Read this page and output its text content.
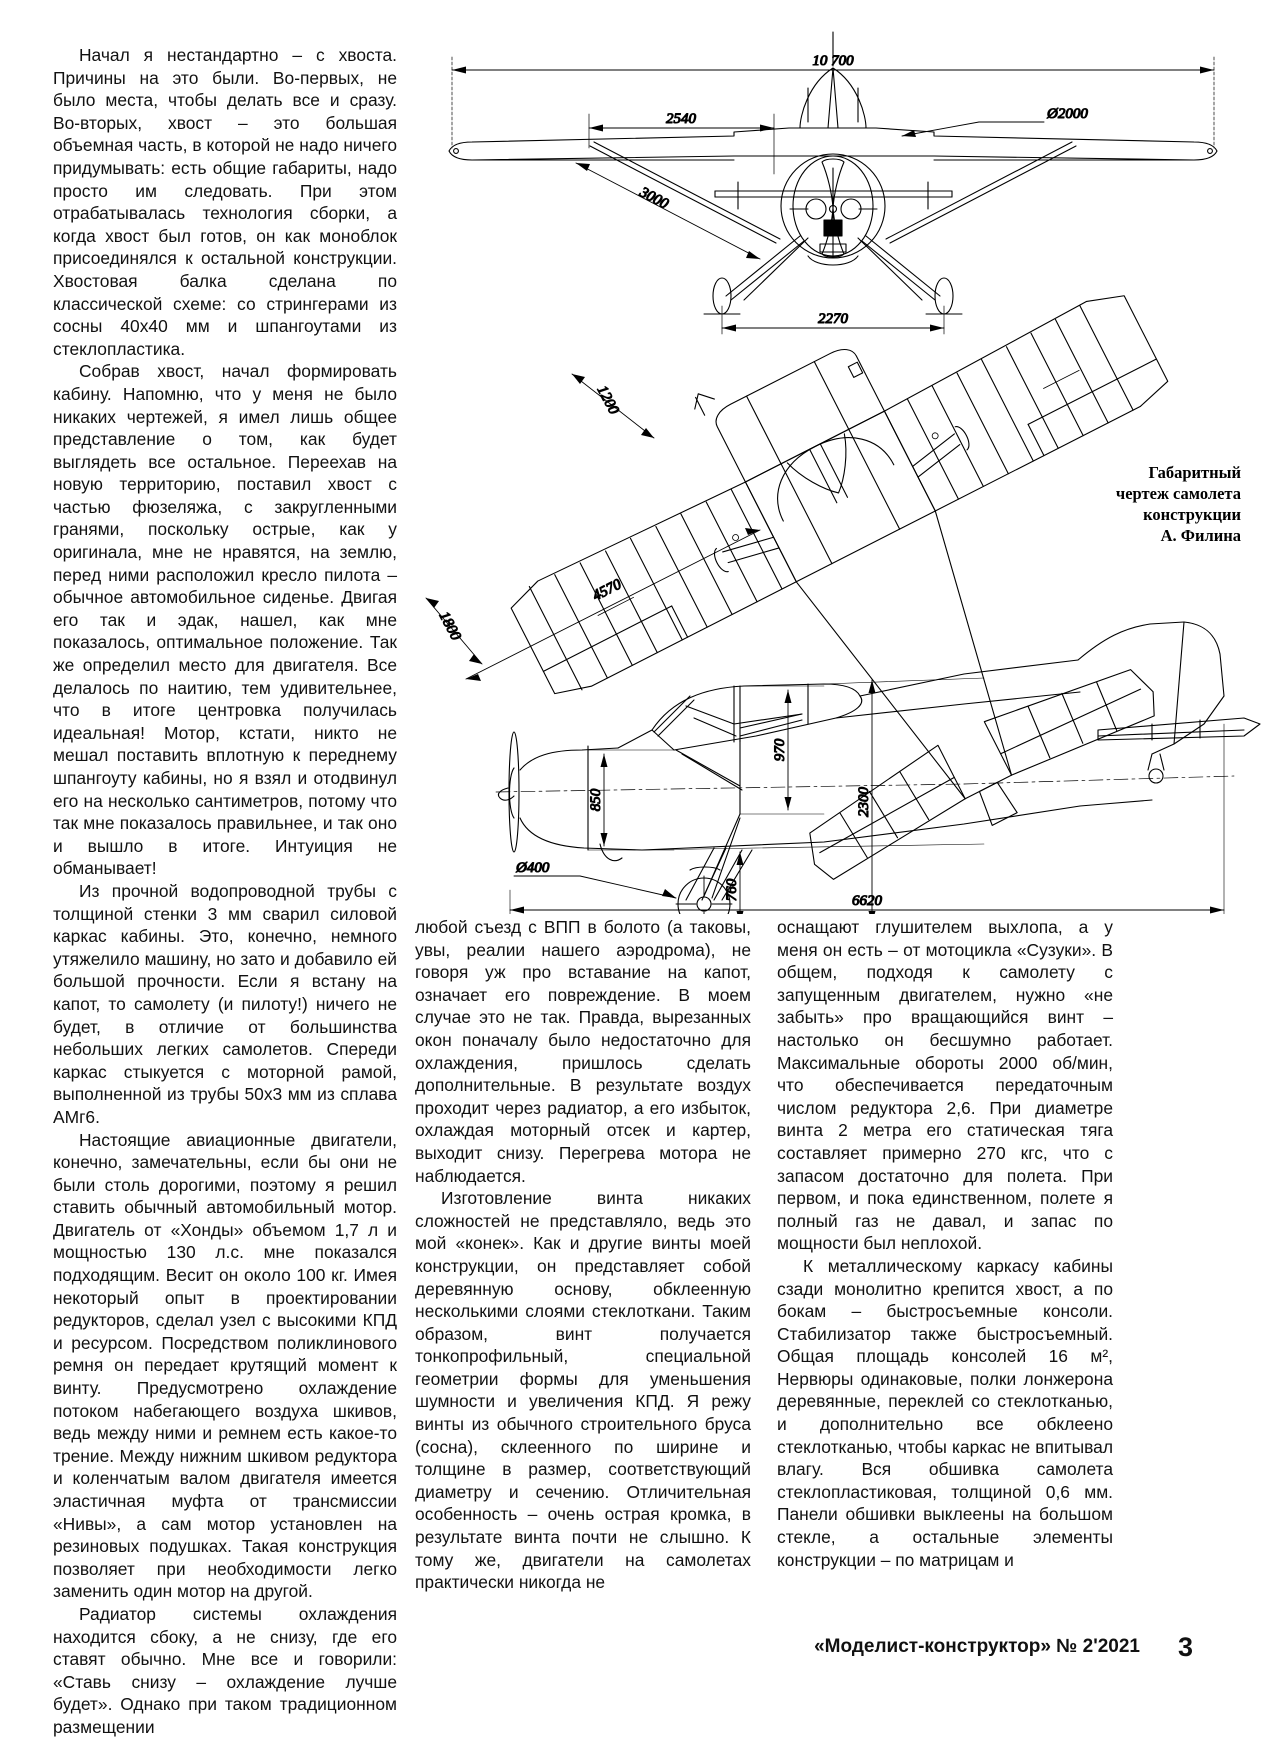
Начал я нестандартно – с хвоста. Причины на это были. Во-первых, не было места, чтобы делать все и сразу. Во-вторых, хвост – это большая объемная часть, в которой не надо ничего придумывать: есть общие габариты, надо просто им следовать. При этом отрабатывалась технология сборки, а когда хвост был готов, он как моноблок присоединялся к остальной конструкции. Хвостовая балка сделана по классической схеме: со стрингерами из сосны 40х40 мм и шпангоутами из стеклопластика.

Собрав хвост, начал формировать кабину. Напомню, что у меня не было никаких чертежей, я имел лишь общее представление о том, как будет выглядеть все остальное. Переехав на новую территорию, поставил хвост с частью фюзеляжа, с закругленными гранями, поскольку острые, как у оригинала, мне не нравятся, на землю, перед ними расположил кресло пилота – обычное автомобильное сиденье. Двигая его так и эдак, нашел, как мне показалось, оптимальное положение. Так же определил место для двигателя. Все делалось по наитию, тем удивительнее, что в итоге центровка получилась идеальная! Мотор, кстати, никто не мешал поставить вплотную к переднему шпангоуту кабины, но я взял и отодвинул его на несколько сантиметров, потому что так мне показалось правильнее, и так оно и вышло в итоге. Интуиция не обманывает!

Из прочной водопроводной трубы с толщиной стенки 3 мм сварил силовой каркас кабины. Это, конечно, немного утяжелило машину, но зато и добавило ей большой прочности. Если я встану на капот, то самолету (и пилоту!) ничего не будет, в отличие от большинства небольших легких самолетов. Спереди каркас стыкуется с моторной рамой, выполненной из трубы 50х3 мм из сплава АМг6.

Настоящие авиационные двигатели, конечно, замечательны, если бы они не были столь дорогими, поэтому я решил ставить обычный автомобильный мотор. Двигатель от «Хонды» объемом 1,7 л и мощностью 130 л.с. мне показался подходящим. Весит он около 100 кг. Имея некоторый опыт в проектировании редукторов, сделал узел с высокими КПД и ресурсом. Посредством поликлинового ремня он передает крутящий момент к винту. Предусмотрено охлаждение потоком набегающего воздуха шкивов, ведь между ними и ремнем есть какое-то трение. Между нижним шкивом редуктора и коленчатым валом двигателя имеется эластичная муфта от трансмиссии «Нивы», а сам мотор установлен на резиновых подушках. Такая конструкция позволяет при необходимости легко заменить один мотор на другой.

Радиатор системы охлаждения находится сбоку, а не снизу, где его ставят обычно. Мне все и говорили: «Ставь снизу – охлаждение лучше будет». Однако при таком традиционном размещении

10 700
2540	Ø2000
3000
2270
1200
1800
4570
850
970
2300
Ø400
760	6620
Габаритный
чертеж самолета
конструкции
А. Филина

любой съезд с ВПП в болото (а таковы, увы, реалии нашего аэродрома), не говоря уж про вставание на капот, означает его повреждение. В моем случае это не так. Правда, вырезанных окон поначалу было недостаточно для охлаждения, пришлось сделать дополнительные. В результате воздух проходит через радиатор, а его избыток, охлаждая моторный отсек и картер, выходит снизу. Перегрева мотора не наблюдается.

Изготовление винта никаких сложностей не представляло, ведь это мой «конек». Как и другие винты моей конструкции, он представляет собой деревянную основу, обклеенную несколькими слоями стеклоткани. Таким образом, винт получается тонкопрофильный, специальной геометрии формы для уменьшения шумности и увеличения КПД. Я режу винты из обычного строительного бруса (сосна), склеенного по ширине и толщине в размер, соответствующий диаметру и сечению. Отличительная особенность – очень острая кромка, в результате винта почти не слышно. К тому же, двигатели на самолетах практически никогда не

оснащают глушителем выхлопа, а у меня он есть – от мотоцикла «Сузуки». В общем, подходя к самолету с запущенным двигателем, нужно «не забыть» про вращающийся винт – настолько он бесшумно работает. Максимальные обороты 2000 об/мин, что обеспечивается передаточным числом редуктора 2,6. При диаметре винта 2 метра его статическая тяга составляет примерно 270 кгс, что с запасом достаточно для полета. При первом, и пока единственном, полете я полный газ не давал, и запас по мощности был неплохой.

К металлическому каркасу кабины сзади монолитно крепится хвост, а по бокам – быстросъемные консоли. Стабилизатор также быстросъемный. Общая площадь консолей 16 м², Нервюры одинаковые, полки лонжерона деревянные, переклей со стеклотканью, и дополнительно все обклеено стеклотканью, чтобы каркас не впитывал влагу. Вся обшивка самолета стеклопластиковая, толщиной 0,6 мм. Панели обшивки выклеены на большом стекле, а остальные элементы конструкции – по матрицам и

«Моделист-конструктор» № 2'2021 3
